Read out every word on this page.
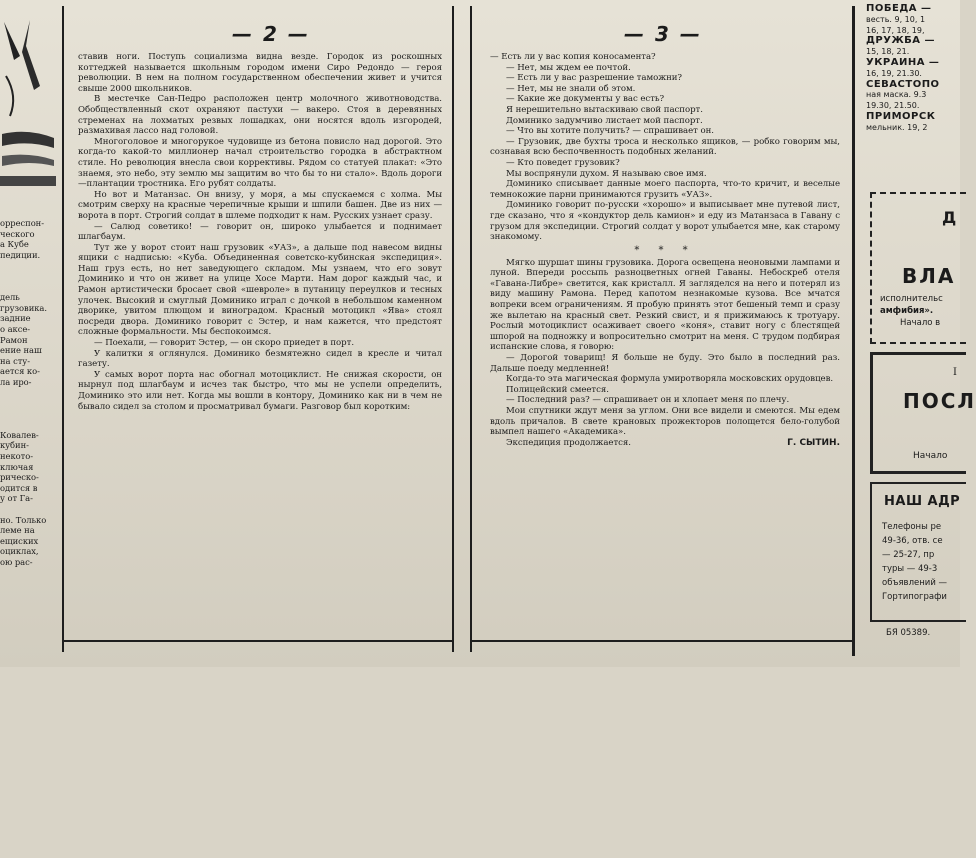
орреспон-

ческого

а Кубе

педиции.

дель

грузовика.

задние

о аксе-

Рамон

ение наш

на сту-

ается ко-

ла иро-

Ковалев-

кубин-

некото-

ключая

рическо-

одится в

у от Га-

но. Только

леме на

ещиских

оциклах,

ою рас-

— 2 —	— 3 —

ставив ноги. Поступь социализма видна везде. Городок из роскошных коттеджей называется школьным городом имени Сиро Редондо — героя революции. В нем на полном государственном обеспечении живет и учится свыше 2000 школьников.

В местечке Сан-Педро расположен центр молочного животноводства. Обобществленный скот охраняют пастухи — вакеро. Стоя в деревянных стременах на лохматых резвых лошадках, они носятся вдоль изгородей, размахивая лассо над головой.

Многоголовое и многорукое чудовище из бетона повисло над дорогой. Это когда-то какой-то миллионер начал строительство городка в абстрактном стиле. Но революция внесла свои коррективы. Рядом со статуей плакат: «Это знаемя, это небо, эту землю мы защитим во что бы то ни стало». Вдоль дороги—плантации тростника. Его рубят солдаты.

Но вот и Матанзас. Он внизу, у моря, а мы спускаемся с холма. Мы смотрим сверху на красные черепичные крыши и шпили башен. Две из них — ворота в порт. Строгий солдат в шлеме подходит к нам. Русских узнает сразу.

— Салюд советико! — говорит он, широко улыбается и поднимает шлагбаум.

Тут же у ворот стоит наш грузовик «УАЗ», а дальше под навесом видны ящики с надписью: «Куба. Объединенная советско-кубинская экспедиция». Наш груз есть, но нет заведующего складом. Мы узнаем, что его зовут Доминико и что он живет на улице Хосе Марти. Нам дорог каждый час, и Рамон артистически бросает свой «шевроле» в путаницу переулков и тесных улочек. Высокий и смуглый Доминико играл с дочкой в небольшом каменном дворике, увитом плющом и виноградом. Красный мотоцикл «Ява» стоял посреди двора. Доминико говорит с Эстер, и нам кажется, что предстоят сложные формальности. Мы беспокоимся.

— Поехали, — говорит Эстер, — он скоро приедет в порт.

У калитки я оглянулся. Доминико безмятежно сидел в кресле и читал газету.

У самых ворот порта нас обогнал мотоциклист. Не снижая скорости, он нырнул под шлагбаум и исчез так быстро, что мы не успели определить, Доминико это или нет. Когда мы вошли в контору, Доминико как ни в чем не бывало сидел за столом и просматривал бумаги. Разговор был коротким:

— Есть ли у вас копия коносамента?

— Нет, мы ждем ее почтой.

— Есть ли у вас разрешение таможни?

— Нет, мы не знали об этом.

— Какие же документы у вас есть?

Я нерешительно вытаскиваю свой паспорт.

Доминико задумчиво листает мой паспорт.

— Что вы хотите получить? — спрашивает он.

— Грузовик, две бухты троса и несколько ящиков, — робко говорим мы, сознавая всю беспочвенность подобных желаний.

— Кто поведет грузовик?

Мы воспрянули духом. Я называю свое имя.

Доминико списывает данные моего паспорта, что-то кричит, и веселые темнокожие парни принимаются грузить «УАЗ».

Доминико говорит по-русски «хорошо» и выписывает мне путевой лист, где сказано, что я «кондуктор дель камион» и еду из Матанзаса в Гавану с грузом для экспедиции. Строгий солдат у ворот улыбается мне, как старому знакомому.

* * *

Мягко шуршат шины грузовика. Дорога освещена неоновыми лампами и луной. Впереди россыпь разноцветных огней Гаваны. Небоскреб отеля «Гавана-Либре» светится, как кристалл. Я загляделся на него и потерял из виду машину Рамона. Перед капотом незнакомые кузова. Все мчатся вопреки всем ограничениям. Я пробую принять этот бешеный темп и сразу же вылетаю на красный свет. Резкий свист, и я прижимаюсь к тротуару. Рослый мотоциклист осаживает своего «коня», ставит ногу с блестящей шпорой на подножку и вопросительно смотрит на меня. С трудом подбирая испанские слова, я говорю:

— Дорогой товарищ! Я больше не буду. Это было в последний раз. Дальше поеду медленней!

Когда-то эта магическая формула умиротворяла московских орудовцев.

Полицейский смеется.

— Последний раз? — спрашивает он и хлопает меня по плечу.

Мои спутники ждут меня за углом. Они все видели и смеются. Мы едем вдоль причалов. В свете крановых прожекторов полощется бело-голубой вымпел нашего «Академика».

Экспедиция продолжается.	Г. СЫТИН.
ПОБЕДА —
весть. 9, 10, 1
16, 17, 18, 19,
ДРУЖБА —
15, 18, 21.
УКРАИНА —
16, 19, 21.30.
СЕВАСТОПО
ная маска. 9.3
19.30, 21.50.
ПРИМОРСК
мельник. 19, 2
Д
ВЛА
исполнительс
амфибия».
Начало в
I
ПОСЛ
Начало
НАШ АДР
Телефоны ре
49-36, отв. се
— 25-27, пр
туры — 49-3
объявлений —
Гортипографи
БЯ 05389.
